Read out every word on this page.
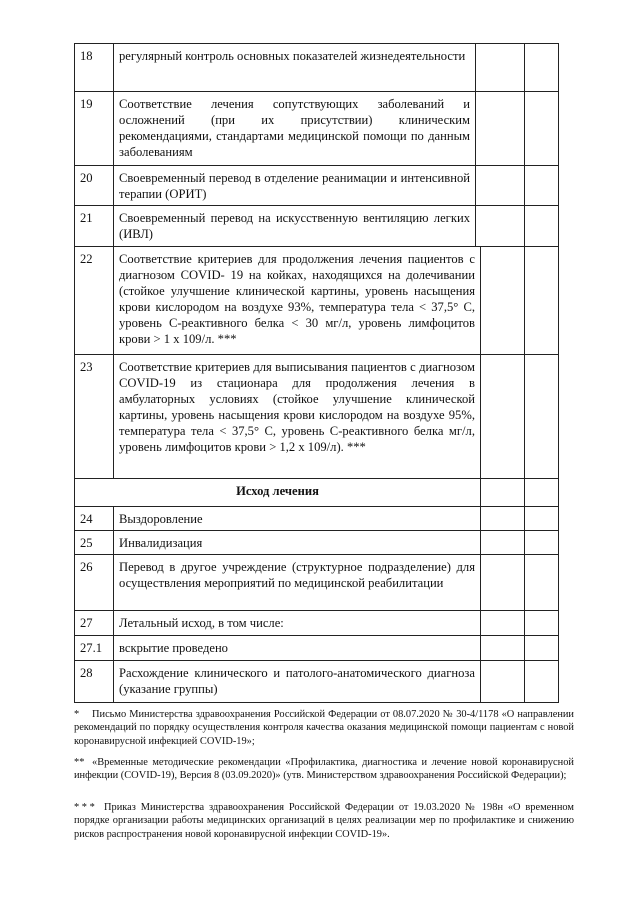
18	регулярный контроль основных показателей жизнедеятельности		
19	Соответствие лечения сопутствующих заболеваний и осложнений (при их присутствии) клиническим рекомендациями, стандартами медицинской помощи по данным заболеваниям		
20	Своевременный перевод в отделение реанимации и интенсивной терапии (ОРИТ)		
21	Своевременный перевод на искусственную вентиляцию легких (ИВЛ)		
22	Соответствие критериев для продолжения лечения пациентов с диагнозом COVID- 19 на койках, находящихся на долечивании (стойкое улучшение клинической картины, уровень насыщения крови кислородом на воздухе 93%, температура тела < 37,5° С, уровень С-реактивного белка < 30 мг/л, уровень лимфоцитов крови > 1 х 109/л. ***		
23	Соответствие критериев для выписывания пациентов с диагнозом COVID-19 из стационара для продолжения лечения в амбулаторных условиях (стойкое улучшение клинической картины, уровень насыщения крови кислородом на воздухе 95%, температура тела < 37,5° С, уровень С-реактивного белка мг/л, уровень лимфоцитов крови > 1,2 х 109/л). ***		
Исход лечения			
24	Выздоровление		
25	Инвалидизация		
26	Перевод в другое учреждение (структурное подразделение) для осуществления мероприятий по медицинской реабилитации		
27	Летальный исход, в том числе:		
27.1	вскрытие проведено		
28	Расхождение клинического и патолого-анатомического диагноза (указание группы)		
* Письмо Министерства здравоохранения Российской Федерации от 08.07.2020 № 30-4/1178 «О направлении рекомендаций по порядку осуществления контроля качества оказания медицинской помощи пациентам с новой коронавирусной инфекцией COVID-19»;
** «Временные методические рекомендации «Профилактика, диагностика и лечение новой коронавирусной инфекции (COVID-19), Версия 8 (03.09.2020)» (утв. Министерством здравоохранения Российской Федерации);
* * * Приказ Министерства здравоохранения Российской Федерации от 19.03.2020 № 198н «О временном порядке организации работы медицинских организаций в целях реализации мер по профилактике и снижению рисков распространения новой коронавирусной инфекции COVID-19».
